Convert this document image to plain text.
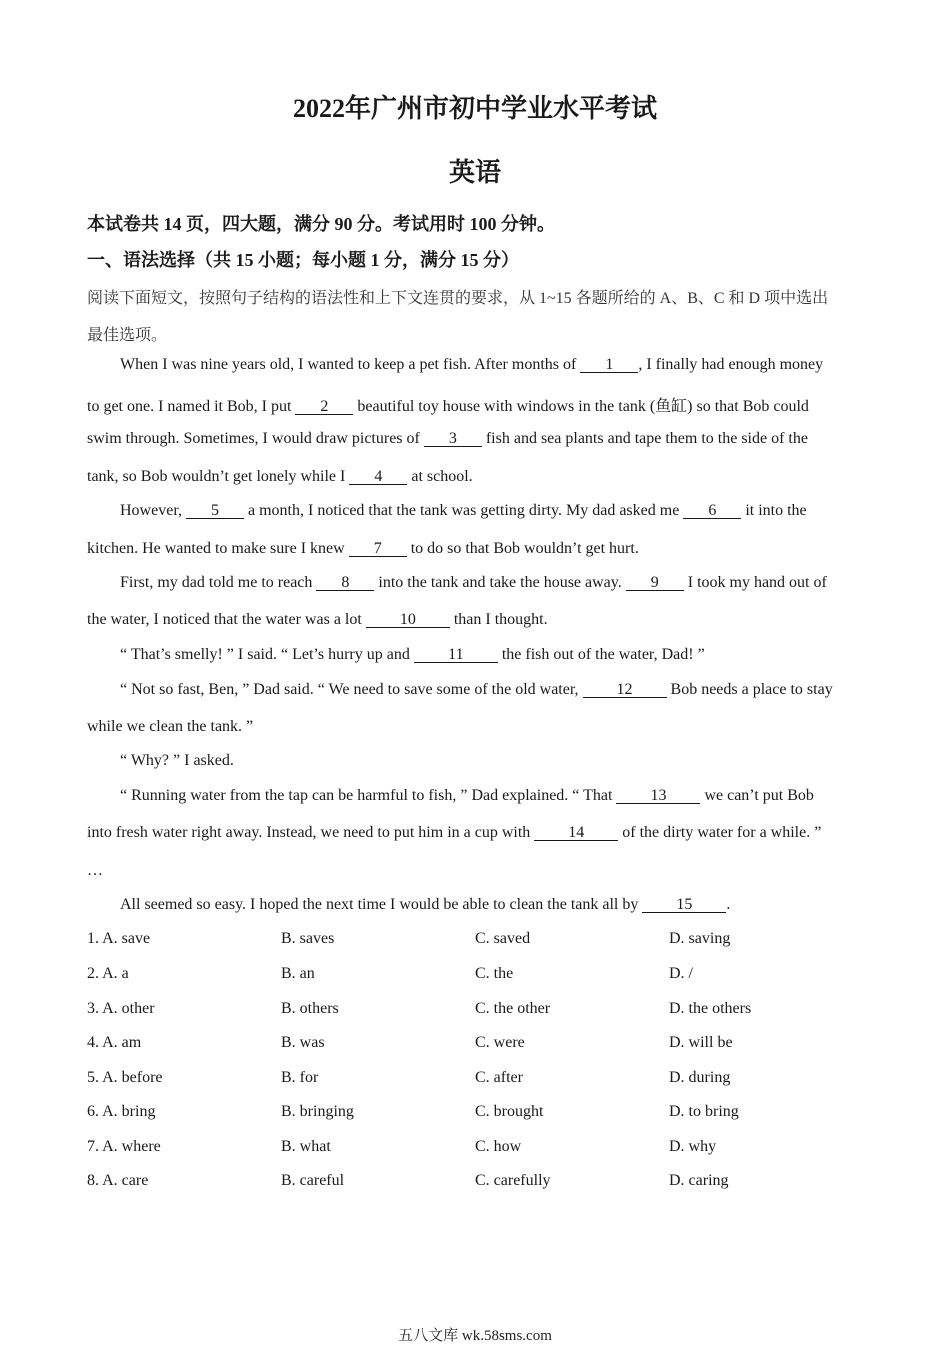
2022年广州市初中学业水平考试
英语
本试卷共 14 页，四大题，满分 90 分。考试用时 100 分钟。
一、语法选择（共 15 小题；每小题 1 分，满分 15 分）
阅读下面短文，按照句子结构的语法性和上下文连贯的要求，从 1~15 各题所给的 A、B、C 和 D 项中选出
最佳选项。
When I was nine years old, I wanted to keep a pet fish. After months of 1 , I finally had enough money
to get one. I named it Bob, I put 2 beautiful toy house with windows in the tank (鱼缸) so that Bob could
swim through. Sometimes, I would draw pictures of 3 fish and sea plants and tape them to the side of the
tank, so Bob wouldn’t get lonely while I 4 at school.
However, 5 a month, I noticed that the tank was getting dirty. My dad asked me 6 it into the
kitchen. He wanted to make sure I knew 7 to do so that Bob wouldn’t get hurt.
First, my dad told me to reach 8 into the tank and take the house away. 9 I took my hand out of
the water, I noticed that the water was a lot 10 than I thought.
“ That’s smelly! ” I said. “ Let’s hurry up and 11 the fish out of the water, Dad! ”
“ Not so fast, Ben, ” Dad said. “ We need to save some of the old water, 12 Bob needs a place to stay
while we clean the tank. ”
“ Why? ” I asked.
“ Running water from the tap can be harmful to fish, ” Dad explained. “ That 13 we can’t put Bob
into fresh water right away. Instead, we need to put him in a cup with 14 of the dirty water for a while. ”
…
All seemed so easy. I hoped the next time I would be able to clean the tank all by 15 .
1. A. save	B. saves	C. saved	D. saving
2. A. a	B. an	C. the	D. /
3. A. other	B. others	C. the other	D. the others
4. A. am	B. was	C. were	D. will be
5. A. before	B. for	C. after	D. during
6. A. bring	B. bringing	C. brought	D. to bring
7. A. where	B. what	C. how	D. why
8. A. care	B. careful	C. carefully	D. caring
五八文库 wk.58sms.com
